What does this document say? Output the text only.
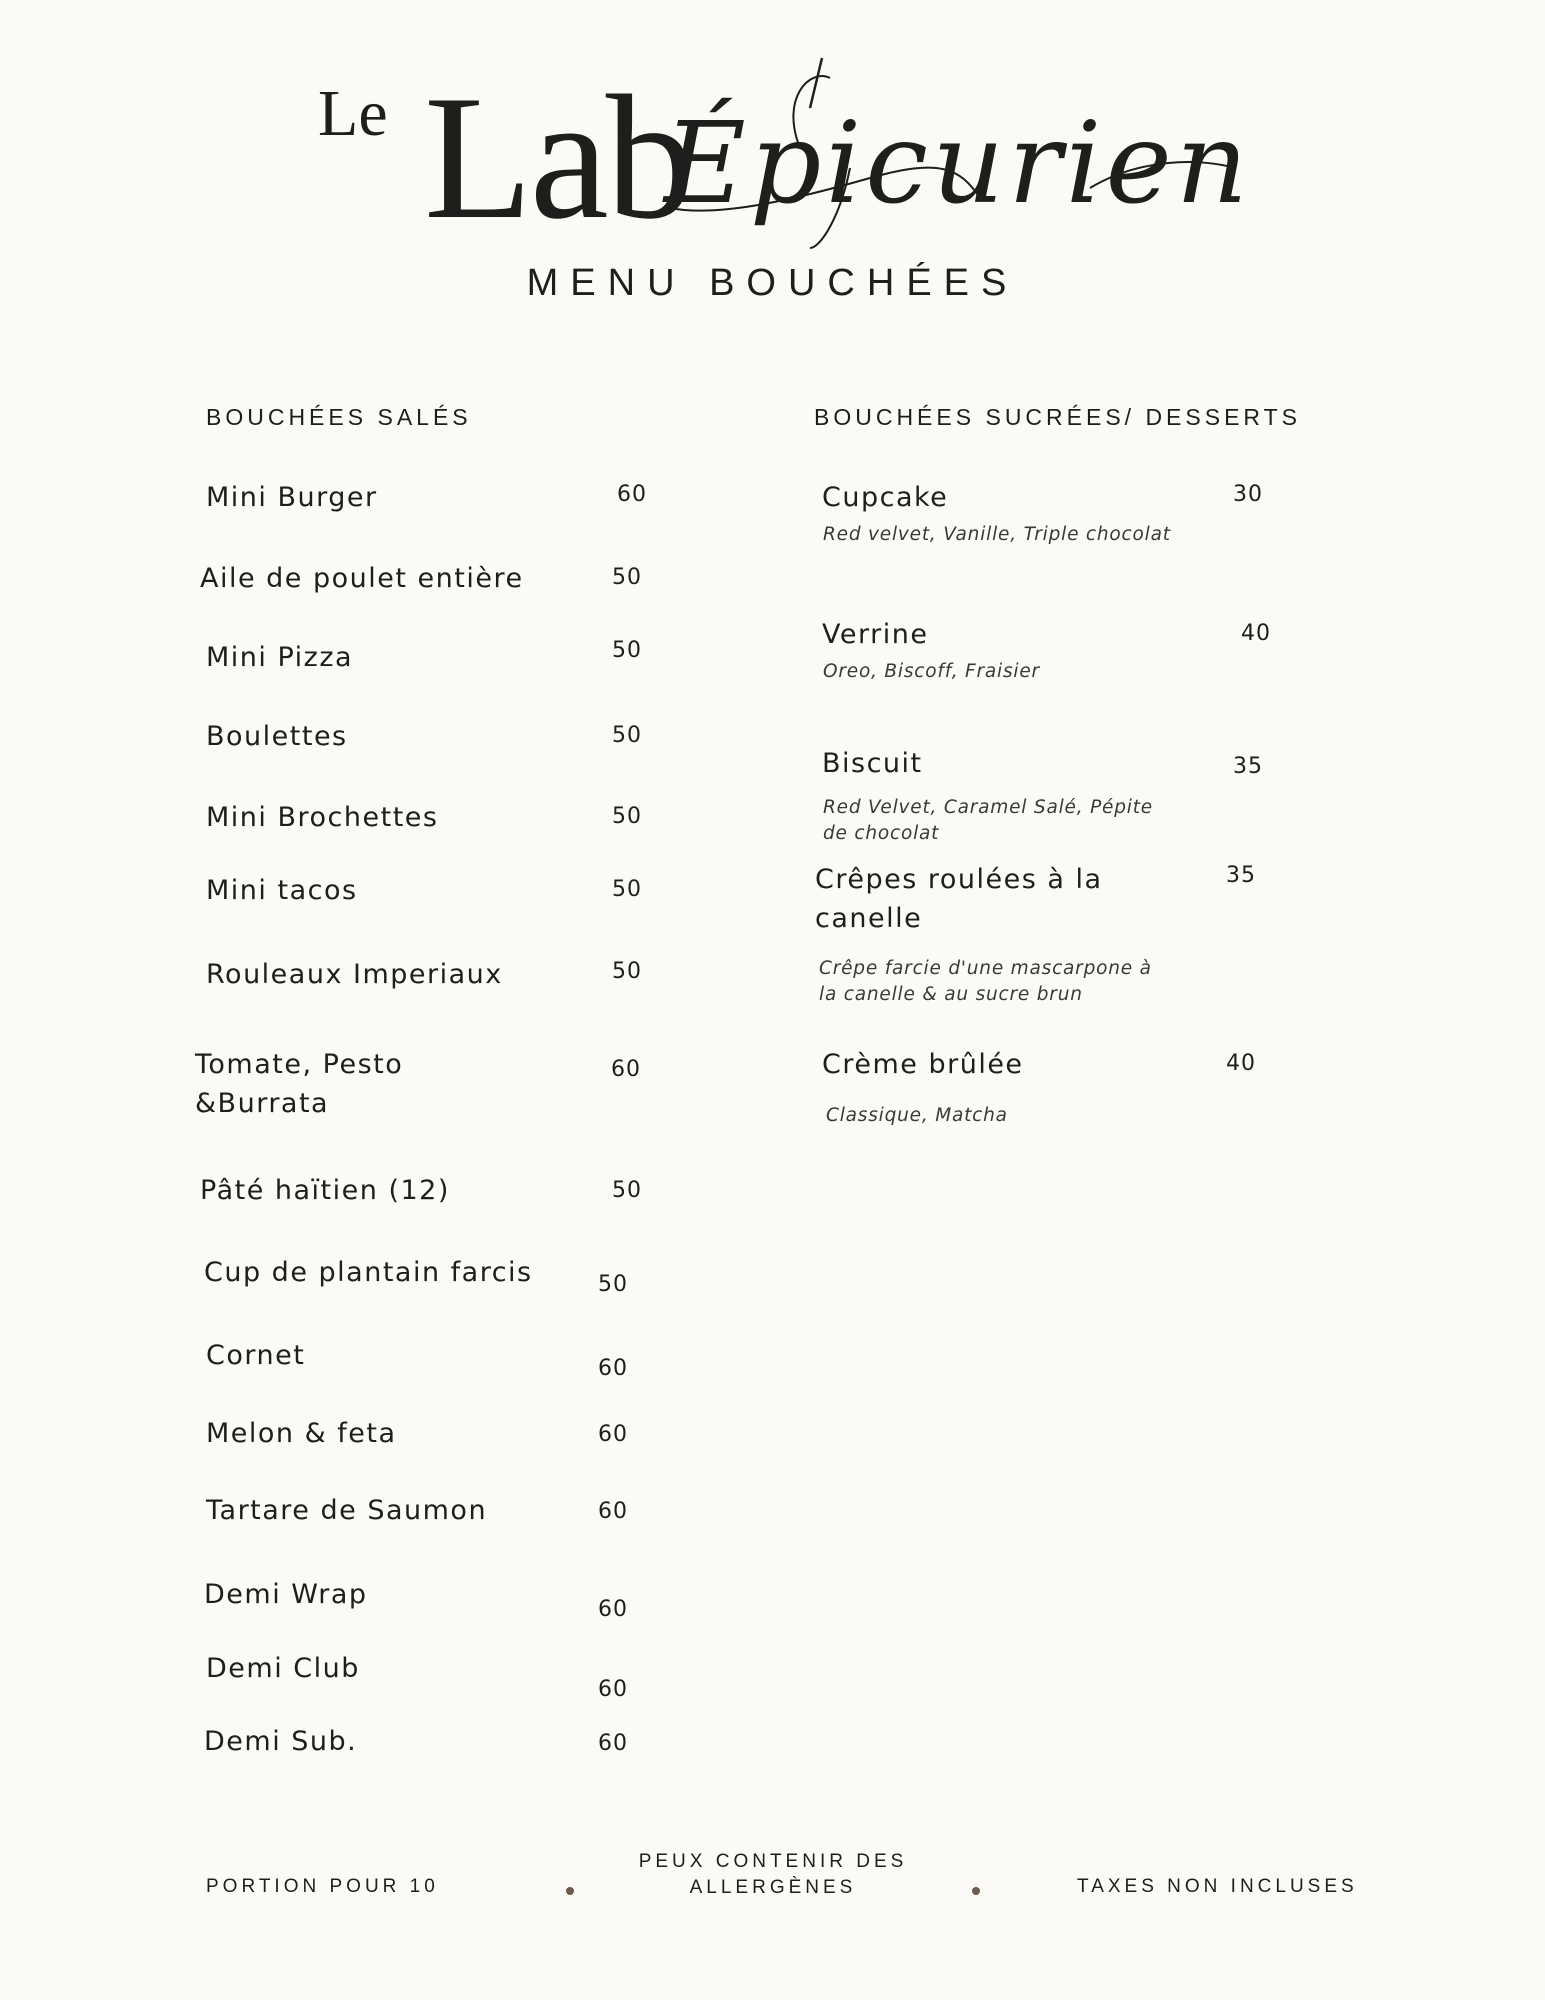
Le Lab
Épicurien
MENU BOUCHÉES
BOUCHÉES SALÉS	BOUCHÉES SUCRÉES/ DESSERTS
Mini Burger	60
Aile de poulet entière	50
Mini Pizza	50
Boulettes	50
Mini Brochettes	50
Mini tacos	50
Rouleaux Imperiaux	50
Tomate, Pesto
&Burrata
60
Pâté haïtien (12)	50
Cup de plantain farcis	50
Cornet	60
Melon & feta	60
Tartare de Saumon	60
Demi Wrap	60
Demi Club
60
Demi Sub.	60
Cupcake	30
Red velvet, Vanille, Triple chocolat
Verrine	40
Oreo, Biscoff, Fraisier
Biscuit	35
Red Velvet, Caramel Salé, Pépite
de chocolat
Crêpes roulées à la
canelle
35
Crêpe farcie d'une mascarpone à
la canelle & au sucre brun
Crème brûlée	40
Classique, Matcha
PORTION POUR 10
PEUX CONTENIR DES
ALLERGÈNES	TAXES NON INCLUSES
